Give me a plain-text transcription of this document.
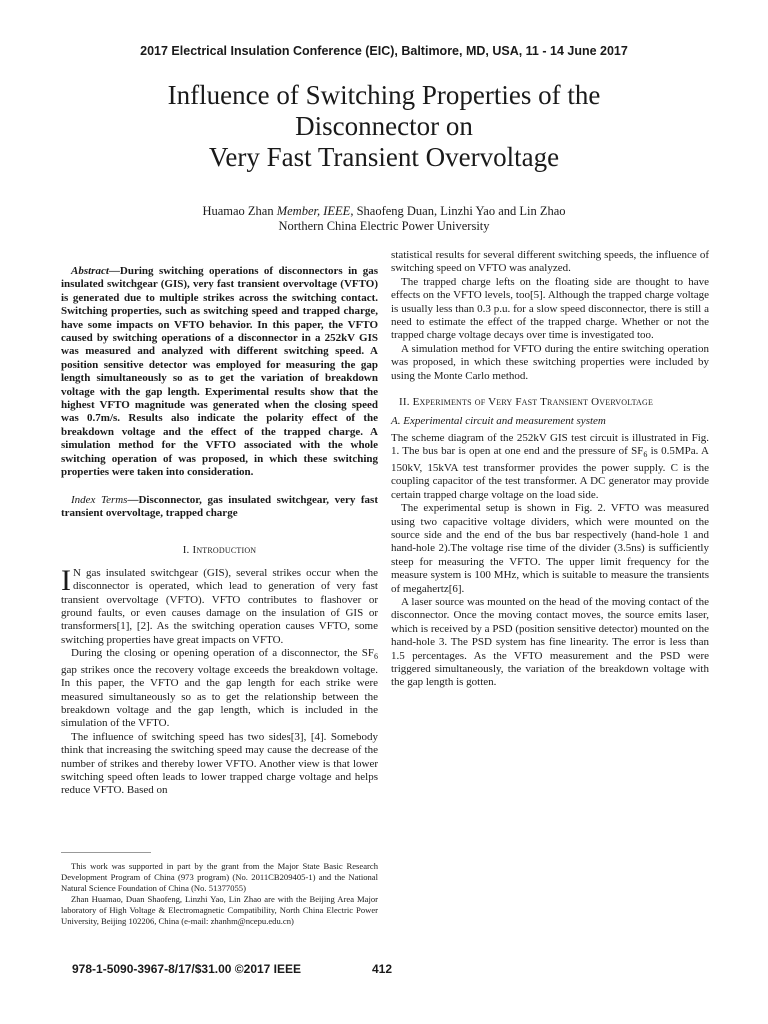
2017 Electrical Insulation Conference (EIC), Baltimore, MD, USA, 11 - 14 June 2017
Influence of Switching Properties of the
Disconnector on
Very Fast Transient Overvoltage
Huamao Zhan Member, IEEE, Shaofeng Duan, Linzhi Yao and Lin Zhao
Northern China Electric Power University

Abstract—During switching operations of disconnectors in gas insulated switchgear (GIS), very fast transient overvoltage (VFTO) is generated due to multiple strikes across the switching contact. Switching properties, such as switching speed and trapped charge, have some impacts on VFTO behavior. In this paper, the VFTO caused by switching operations of a disconnector in a 252kV GIS was measured and analyzed with different switching speed. A position sensitive detector was employed for measuring the gap length simultaneously so as to get the variation of breakdown voltage with the gap length. Experimental results show that the highest VFTO magnitude was generated when the closing speed was 0.7m/s. Results also indicate the polarity effect of the breakdown voltage and the effect of the trapped charge. A simulation method for the VFTO associated with the whole switching operation of was proposed, in which these switching properties were taken into consideration.

Index Terms—Disconnector, gas insulated switchgear, very fast transient overvoltage, trapped charge

I. Introduction

I N gas insulated switchgear (GIS), several strikes occur when the disconnector is operated, which lead to generation of very fast transient overvoltage (VFTO). VFTO contributes to flashover or ground faults, or even causes damage on the insulation of GIS or transformers[1], [2]. As the switching operation causes VFTO, some switching properties have great impacts on VFTO.

During the closing or opening operation of a disconnector, the $SF_6$ gap strikes once the recovery voltage exceeds the breakdown voltage. In this paper, the VFTO and the gap length for each strike were measured simultaneously so as to get the relationship between the breakdown voltage and the gap length, which is included in the simulation of the VFTO.

The influence of switching speed has two sides[3], [4]. Somebody think that increasing the switching speed may cause the decrease of the number of strikes and thereby lower VFTO. Another view is that lower switching speed often leads to lower trapped charge voltage and helps reduce VFTO. Based on

statistical results for several different switching speeds, the influence of switching speed on VFTO was analyzed.

The trapped charge lefts on the floating side are thought to have effects on the VFTO levels, too[5]. Although the trapped charge voltage is usually less than 0.3 p.u. for a slow speed disconnector, there is still a need to estimate the effect of the trapped charge. Whether or not the trapped charge voltage decays over time is investigated too.

A simulation method for VFTO during the entire switching operation was proposed, in which these switching properties were included by using the Monte Carlo method.

II. Experiments of Very Fast Transient Overvoltage

A. Experimental circuit and measurement system

The scheme diagram of the 252kV GIS test circuit is illustrated in Fig. 1. The bus bar is open at one end and the pressure of $SF_6$ is 0.5MPa. A 150kV, 15kVA test transformer provides the power supply. C is the coupling capacitor of the test transformer. A DC generator may provide certain trapped charge voltage on the load side.

The experimental setup is shown in Fig. 2. VFTO was measured using two capacitive voltage dividers, which were mounted on the source side and the end of the bus bar respectively (hand-hole 1 and hand-hole 2).The voltage rise time of the divider (3.5ns) is sufficiently steep for measuring the VFTO. The upper limit frequency for the measure system is 100 MHz, which is suitable to measure the transients of megahertz[6].

A laser source was mounted on the head of the moving contact of the disconnector. Once the moving contact moves, the source emits laser, which is received by a PSD (position sensitive detector) mounted on the hand-hole 3. The PSD system has fine linearity. The error is less than 1.5 percentages. As the VFTO measurement and the PSD were triggered simultaneously, the variation of the breakdown voltage with the gap length is gotten.

This work was supported in part by the grant from the Major State Basic Research Development Program of China (973 program) (No. 2011CB209405-1) and the National Natural Science Foundation of China (No. 51377055)

Zhan Huamao, Duan Shaofeng, Linzhi Yao, Lin Zhao are with the Beijing Area Major laboratory of High Voltage & Electromagnetic Compatibility, North China Electric Power University, Beijing 102206, China (e-mail: zhanhm@ncepu.edu.cn)

978-1-5090-3967-8/17/$31.00 ©2017 IEEE	412
